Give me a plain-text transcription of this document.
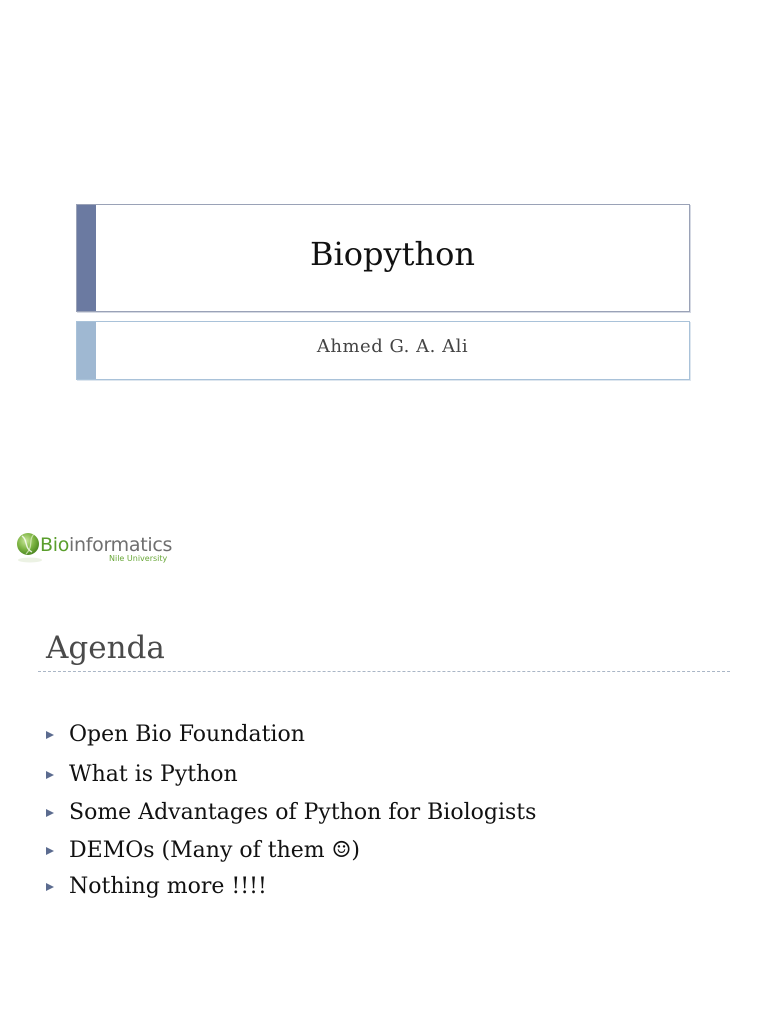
Biopython
Ahmed G. A. Ali
Bioinformatics
Nile University
Agenda
Open Bio Foundation
What is Python
Some Advantages of Python for Biologists
DEMOs (Many of them ☺)
Nothing more !!!!
